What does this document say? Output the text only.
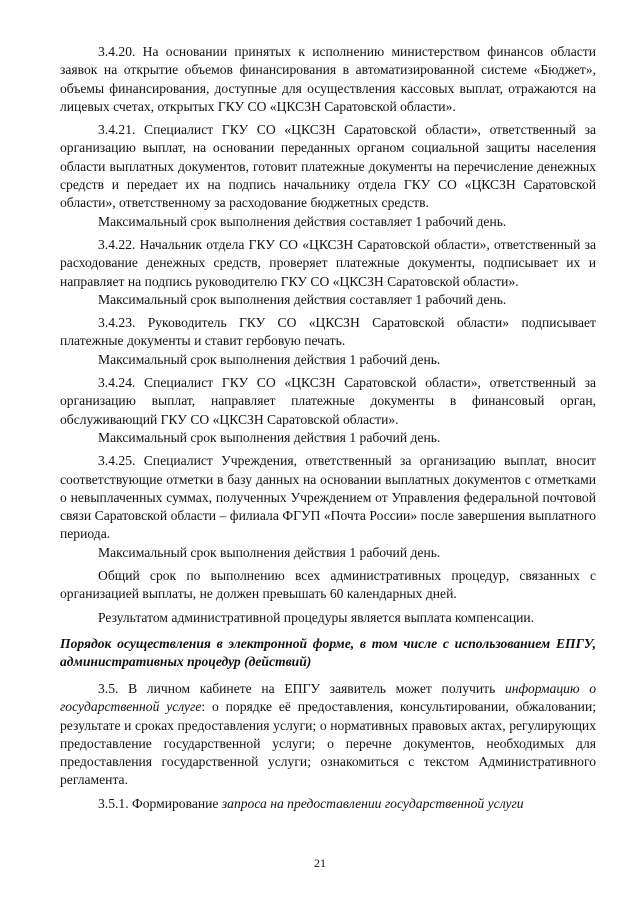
3.4.20. На основании принятых к исполнению министерством финансов области заявок на открытие объемов финансирования в автоматизированной системе «Бюджет», объемы финансирования, доступные для осуществления кассовых выплат, отражаются на лицевых счетах, открытых ГКУ СО «ЦКСЗН Саратовской области».

3.4.21. Специалист ГКУ СО «ЦКСЗН Саратовской области», ответственный за организацию выплат, на основании переданных органом социальной защиты населения области выплатных документов, готовит платежные документы на перечисление денежных средств и передает их на подпись начальнику отдела ГКУ СО «ЦКСЗН Саратовской области», ответственному за расходование бюджетных средств.

Максимальный срок выполнения действия составляет 1 рабочий день.

3.4.22. Начальник отдела ГКУ СО «ЦКСЗН Саратовской области», ответственный за расходование денежных средств, проверяет платежные документы, подписывает их и направляет на подпись руководителю ГКУ СО «ЦКСЗН Саратовской области».

Максимальный срок выполнения действия составляет 1 рабочий день.

3.4.23. Руководитель ГКУ СО «ЦКСЗН Саратовской области» подписывает платежные документы и ставит гербовую печать.

Максимальный срок выполнения действия 1 рабочий день.

3.4.24. Специалист ГКУ СО «ЦКСЗН Саратовской области», ответственный за организацию выплат, направляет платежные документы в финансовый орган, обслуживающий ГКУ СО «ЦКСЗН Саратовской области».

Максимальный срок выполнения действия 1 рабочий день.

3.4.25. Специалист Учреждения, ответственный за организацию выплат, вносит соответствующие отметки в базу данных на основании выплатных документов с отметками о невыплаченных суммах, полученных Учреждением от Управления федеральной почтовой связи Саратовской области – филиала ФГУП «Почта России» после завершения выплатного периода.

Максимальный срок выполнения действия 1 рабочий день.

Общий срок по выполнению всех административных процедур, связанных с организацией выплаты, не должен превышать 60 календарных дней.

Результатом административной процедуры является выплата компенсации.

Порядок осуществления в электронной форме, в том числе с использованием ЕПГУ, административных процедур (действий)

3.5. В личном кабинете на ЕПГУ заявитель может получить информацию о государственной услуге: о порядке её предоставления, консультировании, обжаловании; результате и сроках предоставления услуги; о нормативных правовых актах, регулирующих предоставление государственной услуги; о перечне документов, необходимых для предоставления государственной услуги; ознакомиться с текстом Административного регламента.

3.5.1. Формирование запроса на предоставлении государственной услуги

21
